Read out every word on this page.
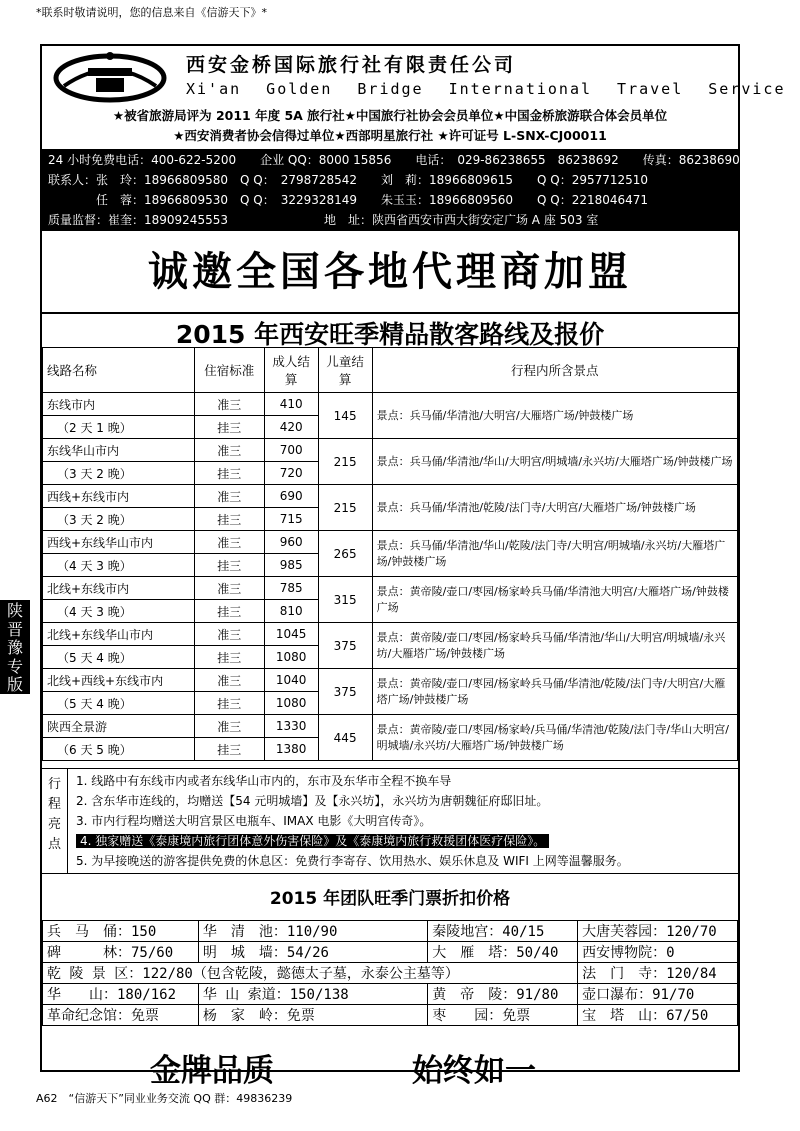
*联系时敬请说明，您的信息来自《信游天下》*
西安金桥国际旅行社有限责任公司
Xi'an Golden Bridge International Travel Service
★被省旅游局评为 2011 年度 5A 旅行社★中国旅行社协会会员单位★中国金桥旅游联合体会员单位
★西安消费者协会信得过单位★西部明星旅行社 ★许可证号 L-SNX-CJ00011
24 小时免费电话：400-622-5200　　企业 QQ：8000 15856　　电话：　029-86238655　86238692　　传真：86238690
联系人：张　玲：18966809580　Q Q：　2798728542　　刘　莉：18966809615　　Q Q：2957712510
　　　　任　蓉：18966809530　Q Q：　3229328149　　朱玉玉：18966809560　　Q Q：2218046471
质量监督：崔奎：18909245553　　　　　　　　地　址：陕西省西安市西大街安定广场 A 座 503 室
诚邀全国各地代理商加盟
2015 年西安旺季精品散客路线及报价
线路名称	住宿标准	成人结算	儿童结算	行程内所含景点
东线市内	准三	410	145	景点：兵马俑/华清池/大明宫/大雁塔广场/钟鼓楼广场
（2 天 1 晚）	挂三	420		
东线华山市内	准三	700	215	景点：兵马俑/华清池/华山/大明宫/明城墙/永兴坊/大雁塔广场/钟鼓楼广场
（3 天 2 晚）	挂三	720		
西线+东线市内	准三	690	215	景点：兵马俑/华清池/乾陵/法门寺/大明宫/大雁塔广场/钟鼓楼广场
（3 天 2 晚）	挂三	715		
西线+东线华山市内	准三	960	265	景点：兵马俑/华清池/华山/乾陵/法门寺/大明宫/明城墙/永兴坊/大雁塔广场/钟鼓楼广场
（4 天 3 晚）	挂三	985		
北线+东线市内	准三	785	315	景点：黄帝陵/壶口/枣园/杨家岭兵马俑/华清池大明宫/大雁塔广场/钟鼓楼广场
（4 天 3 晚）	挂三	810		
北线+东线华山市内	准三	1045	375	景点：黄帝陵/壶口/枣园/杨家岭兵马俑/华清池/华山/大明宫/明城墙/永兴坊/大雁塔广场/钟鼓楼广场
（5 天 4 晚）	挂三	1080		
北线+西线+东线市内	准三	1040	375	景点：黄帝陵/壶口/枣园/杨家岭兵马俑/华清池/乾陵/法门寺/大明宫/大雁塔广场/钟鼓楼广场
（5 天 4 晚）	挂三	1080		
陕西全景游	准三	1330	445	景点：黄帝陵/壶口/枣园/杨家岭/兵马俑/华清池/乾陵/法门寺/华山大明宫/明城墙/永兴坊/大雁塔广场/钟鼓楼广场
（6 天 5 晚）	挂三	1380		
行程亮点
1. 线路中有东线市内或者东线华山市内的，东市及东华市全程不换车导
2. 含东华市连线的，均赠送【54 元明城墙】及【永兴坊】，永兴坊为唐朝魏征府邸旧址。
3. 市内行程均赠送大明宫景区电瓶车、IMAX 电影《大明宫传奇》。
4. 独家赠送《泰康境内旅行团体意外伤害保险》及《泰康境内旅行救援团体医疗保险》。
5. 为早接晚送的游客提供免费的休息区：免费行李寄存、饮用热水、娱乐休息及 WIFI 上网等温馨服务。
2015 年团队旺季门票折扣价格
兵　马　俑：150	华　清　池：110/90	秦陵地宫：40/15	大唐芙蓉园：120/70
碑　　　林：75/60	明　城　墙：54/26	大　雁　塔：50/40	西安博物院：0
乾 陵 景 区：122/80（包含乾陵，懿德太子墓，永泰公主墓等）			法　门　寺：120/84
华　　山：180/162	华 山 索道：150/138	黄　帝　陵：91/80	壶口瀑布：91/70
革命纪念馆：免票	杨　家　岭：免票	枣　　园：免票	宝　塔　山：67/50
金牌品质	始终如一
陕晋豫专版
A62　“信游天下”同业业务交流 QQ 群：49836239
